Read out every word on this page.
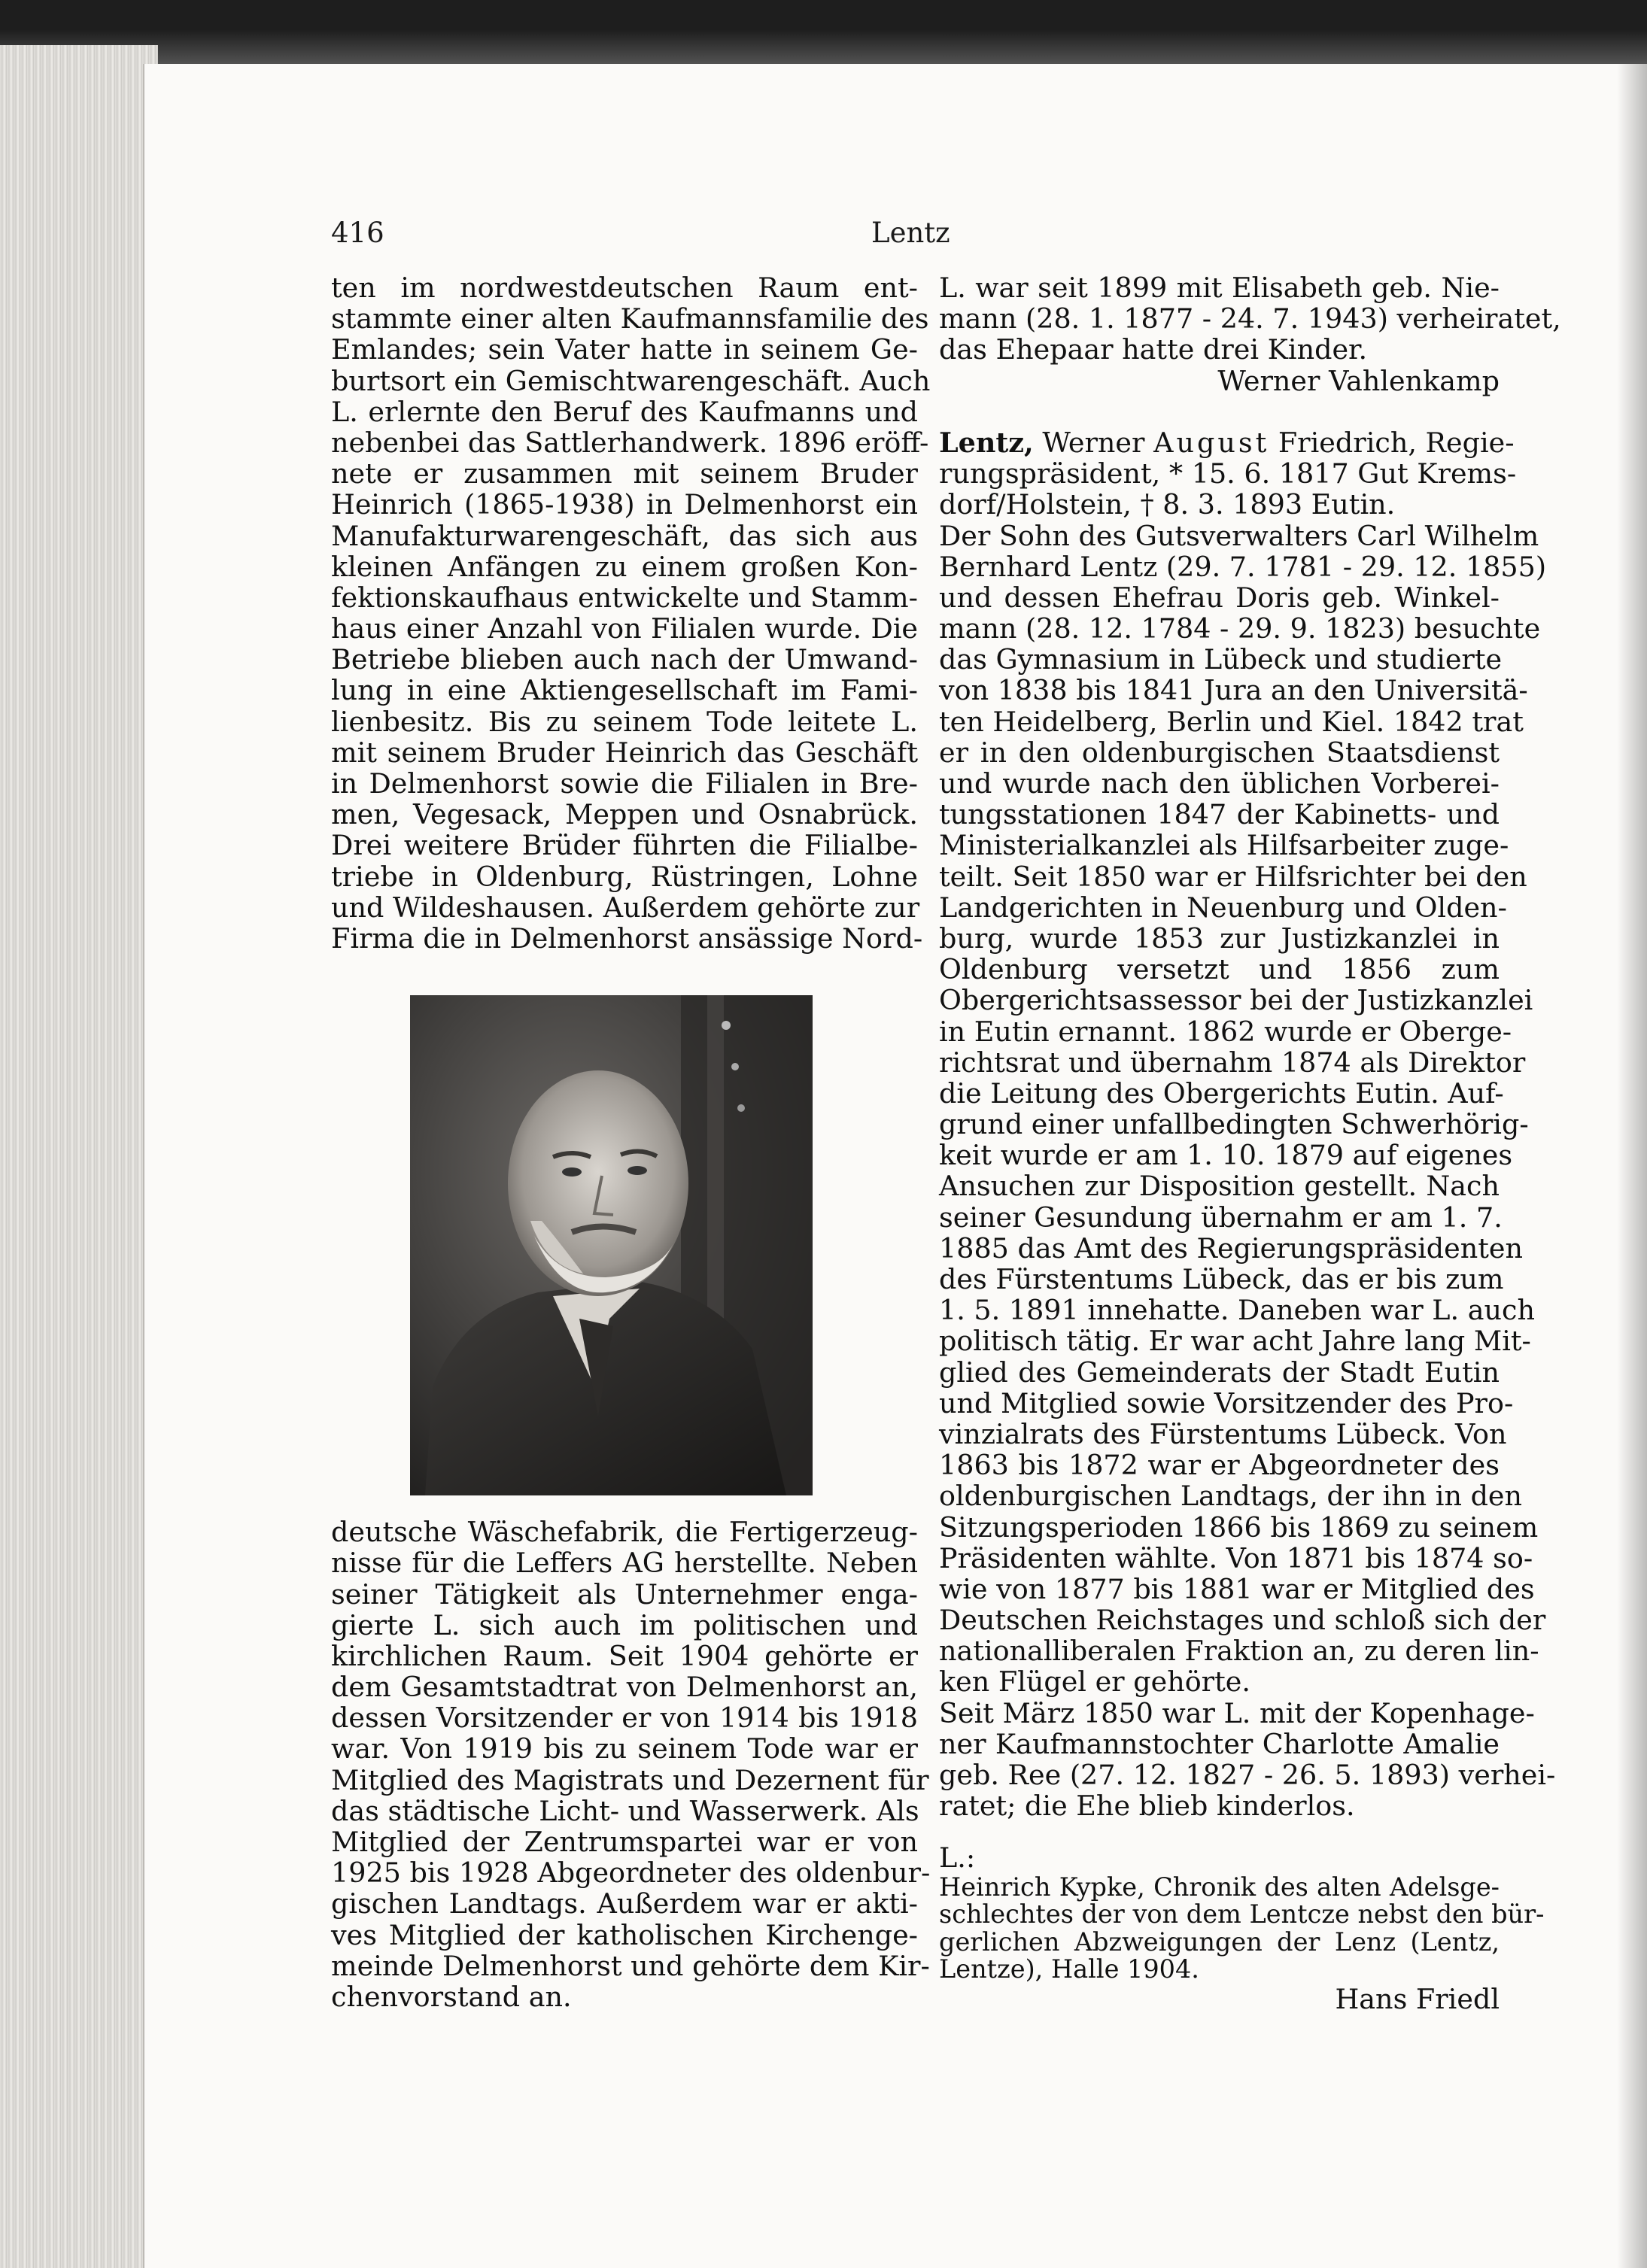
416	Lentz
ten im nordwestdeutschen Raum ent-
stammte einer alten Kaufmannsfamilie des
Emlandes; sein Vater hatte in seinem Ge-
burtsort ein Gemischtwarengeschäft. Auch
L. erlernte den Beruf des Kaufmanns und
nebenbei das Sattlerhandwerk. 1896 eröff-
nete er zusammen mit seinem Bruder
Heinrich (1865-1938) in Delmenhorst ein
Manufakturwarengeschäft, das sich aus
kleinen Anfängen zu einem großen Kon-
fektionskaufhaus entwickelte und Stamm-
haus einer Anzahl von Filialen wurde. Die
Betriebe blieben auch nach der Umwand-
lung in eine Aktiengesellschaft im Fami-
lienbesitz. Bis zu seinem Tode leitete L.
mit seinem Bruder Heinrich das Geschäft
in Delmenhorst sowie die Filialen in Bre-
men, Vegesack, Meppen und Osnabrück.
Drei weitere Brüder führten die Filialbe-
triebe in Oldenburg, Rüstringen, Lohne
und Wildeshausen. Außerdem gehörte zur
Firma die in Delmenhorst ansässige Nord-
deutsche Wäschefabrik, die Fertigerzeug-
nisse für die Leffers AG herstellte. Neben
seiner Tätigkeit als Unternehmer enga-
gierte L. sich auch im politischen und
kirchlichen Raum. Seit 1904 gehörte er
dem Gesamtstadtrat von Delmenhorst an,
dessen Vorsitzender er von 1914 bis 1918
war. Von 1919 bis zu seinem Tode war er
Mitglied des Magistrats und Dezernent für
das städtische Licht- und Wasserwerk. Als
Mitglied der Zentrumspartei war er von
1925 bis 1928 Abgeordneter des oldenbur-
gischen Landtags. Außerdem war er akti-
ves Mitglied der katholischen Kirchenge-
meinde Delmenhorst und gehörte dem Kir-
chenvorstand an.
L. war seit 1899 mit Elisabeth geb. Nie-
mann (28. 1. 1877 - 24. 7. 1943) verheiratet,
das Ehepaar hatte drei Kinder.
Werner Vahlenkamp
Lentz, Werner August Friedrich, Regie-
rungspräsident, * 15. 6. 1817 Gut Krems-
dorf/Holstein, † 8. 3. 1893 Eutin.
Der Sohn des Gutsverwalters Carl Wilhelm
Bernhard Lentz (29. 7. 1781 - 29. 12. 1855)
und dessen Ehefrau Doris geb. Winkel-
mann (28. 12. 1784 - 29. 9. 1823) besuchte
das Gymnasium in Lübeck und studierte
von 1838 bis 1841 Jura an den Universitä-
ten Heidelberg, Berlin und Kiel. 1842 trat
er in den oldenburgischen Staatsdienst
und wurde nach den üblichen Vorberei-
tungsstationen 1847 der Kabinetts- und
Ministerialkanzlei als Hilfsarbeiter zuge-
teilt. Seit 1850 war er Hilfsrichter bei den
Landgerichten in Neuenburg und Olden-
burg, wurde 1853 zur Justizkanzlei in
Oldenburg versetzt und 1856 zum
Obergerichtsassessor bei der Justizkanzlei
in Eutin ernannt. 1862 wurde er Oberge-
richtsrat und übernahm 1874 als Direktor
die Leitung des Obergerichts Eutin. Auf-
grund einer unfallbedingten Schwerhörig-
keit wurde er am 1. 10. 1879 auf eigenes
Ansuchen zur Disposition gestellt. Nach
seiner Gesundung übernahm er am 1. 7.
1885 das Amt des Regierungspräsidenten
des Fürstentums Lübeck, das er bis zum
1. 5. 1891 innehatte. Daneben war L. auch
politisch tätig. Er war acht Jahre lang Mit-
glied des Gemeinderats der Stadt Eutin
und Mitglied sowie Vorsitzender des Pro-
vinzialrats des Fürstentums Lübeck. Von
1863 bis 1872 war er Abgeordneter des
oldenburgischen Landtags, der ihn in den
Sitzungsperioden 1866 bis 1869 zu seinem
Präsidenten wählte. Von 1871 bis 1874 so-
wie von 1877 bis 1881 war er Mitglied des
Deutschen Reichstages und schloß sich der
nationalliberalen Fraktion an, zu deren lin-
ken Flügel er gehörte.
Seit März 1850 war L. mit der Kopenhage-
ner Kaufmannstochter Charlotte Amalie
geb. Ree (27. 12. 1827 - 26. 5. 1893) verhei-
ratet; die Ehe blieb kinderlos.
L.:
Heinrich Kypke, Chronik des alten Adelsge-
schlechtes der von dem Lentcze nebst den bür-
gerlichen Abzweigungen der Lenz (Lentz,
Lentze), Halle 1904.
Hans Friedl
